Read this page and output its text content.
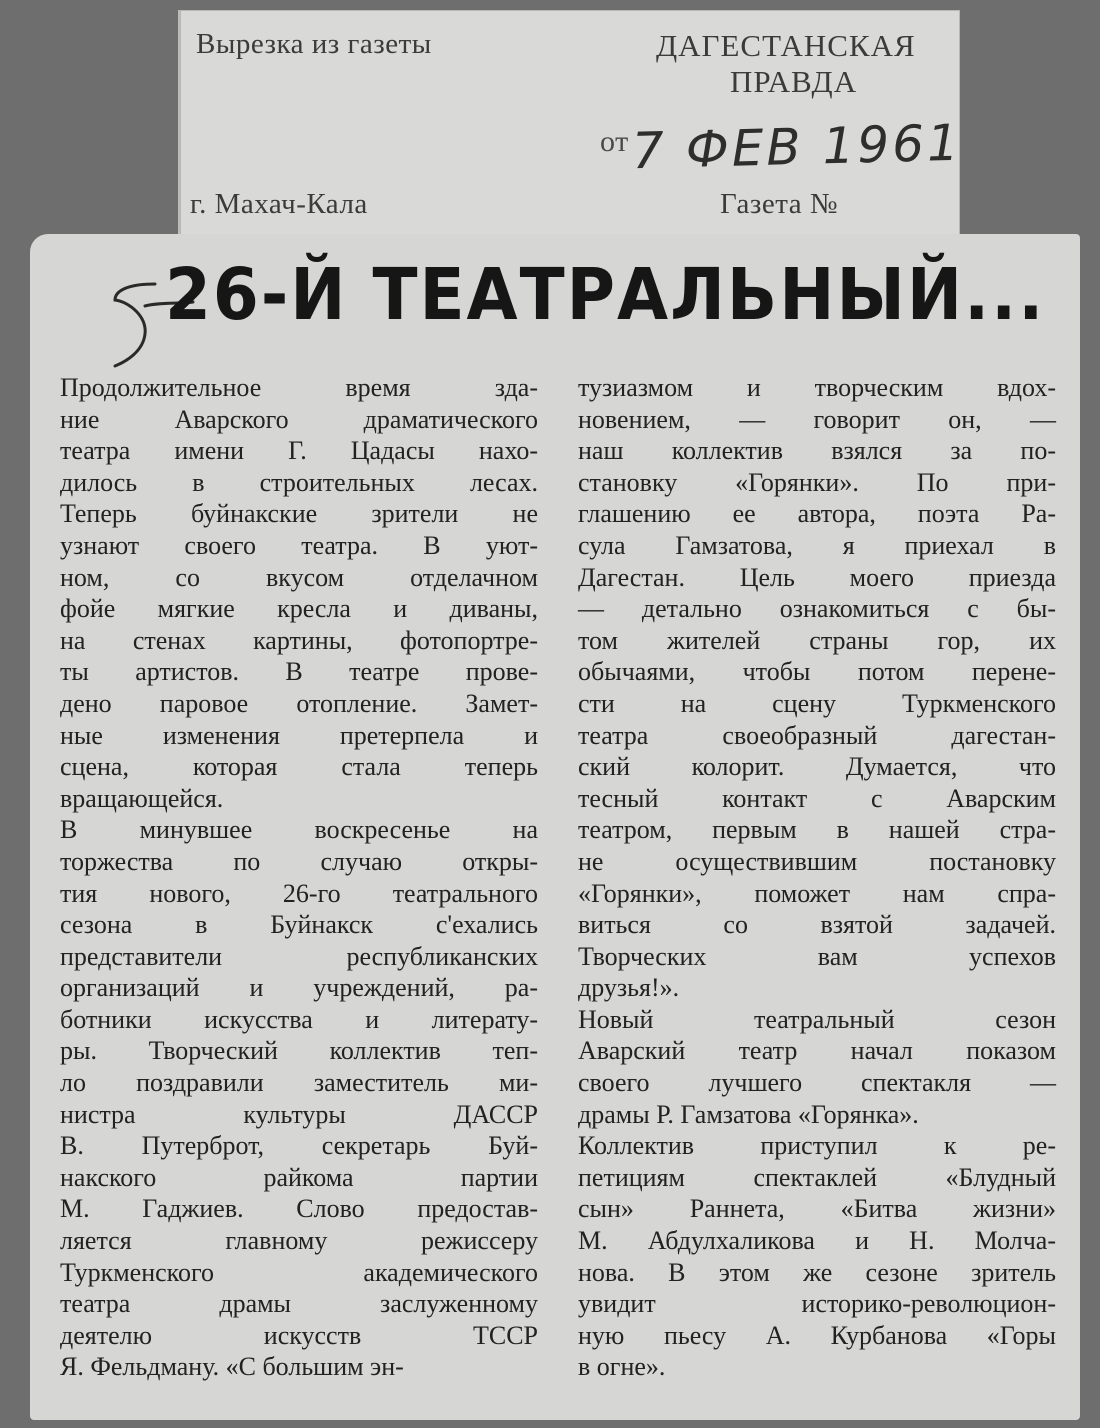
Вырезка из газеты	ДАГЕСТАНСКАЯ
ПРАВДА
от 7 ФЕВ 1961
г. Махач-Кала	Газета №
26-Й ТЕАТРАЛЬНЫЙ...
Продолжительное время зда-
ние Аварского драматического
театра имени Г. Цадасы нахо-
дилось в строительных лесах.
Теперь буйнакские зрители не
узнают своего театра. В уют-
ном, со вкусом отделачном
фойе мягкие кресла и диваны,
на стенах картины, фотопортре-
ты артистов. В театре прове-
дено паровое отопление. Замет-
ные изменения претерпела и
сцена, которая стала теперь
вращающейся.
В минувшее воскресенье на
торжества по случаю откры-
тия нового, 26-го театрального
сезона в Буйнакск с'ехались
представители республиканских
организаций и учреждений, ра-
ботники искусства и литерату-
ры. Творческий коллектив теп-
ло поздравили заместитель ми-
нистра культуры ДАССР
В. Путерброт, секретарь Буй-
накского райкома партии
М. Гаджиев. Слово предостав-
ляется главному режиссеру
Туркменского академического
театра драмы заслуженному
деятелю искусств ТССР
Я. Фельдману. «С большим эн-
тузиазмом и творческим вдох-
новением, — говорит он, —
наш коллектив взялся за по-
становку «Горянки». По при-
глашению ее автора, поэта Ра-
сула Гамзатова, я приехал в
Дагестан. Цель моего приезда
— детально ознакомиться с бы-
том жителей страны гор, их
обычаями, чтобы потом перене-
сти на сцену Туркменского
театра своеобразный дагестан-
ский колорит. Думается, что
тесный контакт с Аварским
театром, первым в нашей стра-
не осуществившим постановку
«Горянки», поможет нам спра-
виться со взятой задачей.
Творческих вам успехов
друзья!».
Новый театральный сезон
Аварский театр начал показом
своего лучшего спектакля —
драмы Р. Гамзатова «Горянка».
Коллектив приступил к ре-
петициям спектаклей «Блудный
сын» Раннета, «Битва жизни»
М. Абдулхаликова и Н. Молча-
нова. В этом же сезоне зритель
увидит историко-революцион-
ную пьесу А. Курбанова «Горы
в огне».
